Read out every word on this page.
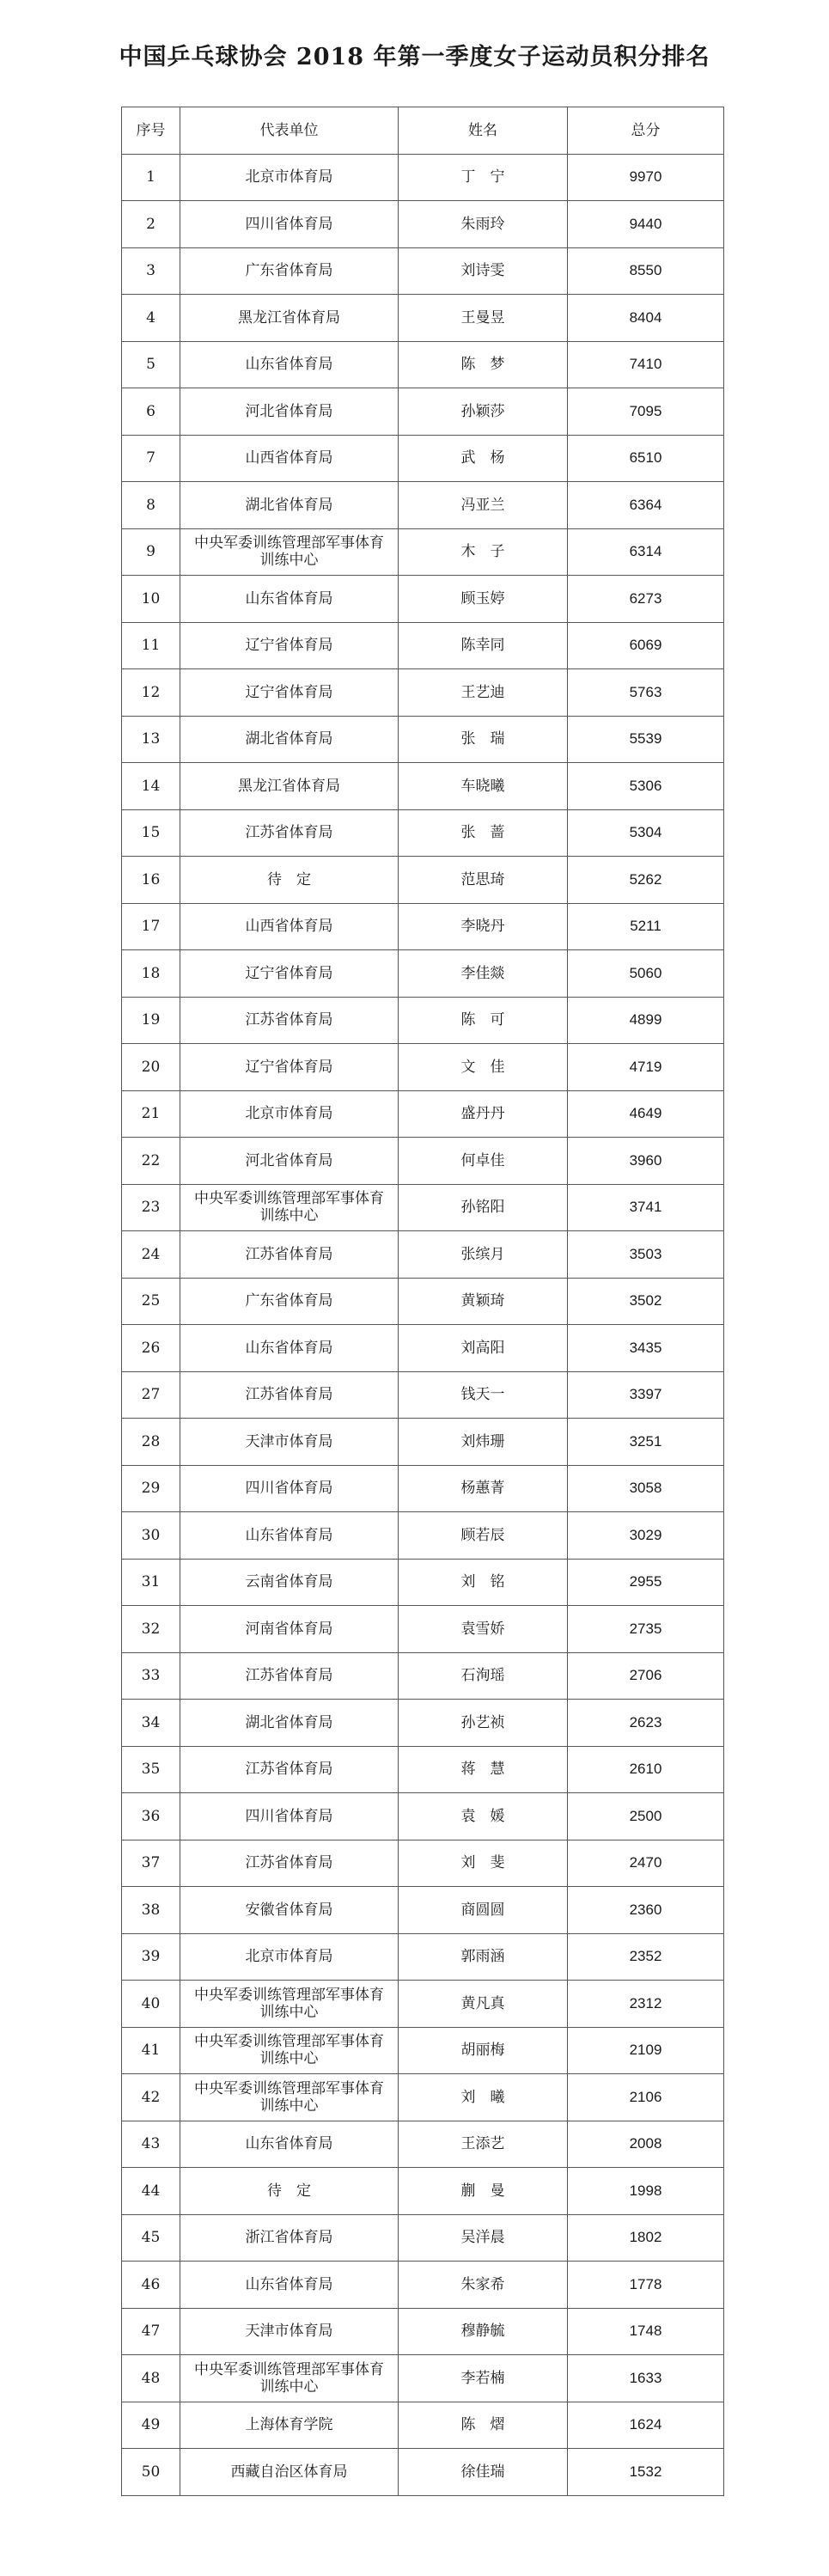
中国乒乓球协会 2018 年第一季度女子运动员积分排名
序号	代表单位	姓名	总分
1	北京市体育局	丁　宁	9970
2	四川省体育局	朱雨玲	9440
3	广东省体育局	刘诗雯	8550
4	黑龙江省体育局	王曼昱	8404
5	山东省体育局	陈　梦	7410
6	河北省体育局	孙颖莎	7095
7	山西省体育局	武　杨	6510
8	湖北省体育局	冯亚兰	6364
9	中央军委训练管理部军事体育训练中心	木　子	6314
10	山东省体育局	顾玉婷	6273
11	辽宁省体育局	陈幸同	6069
12	辽宁省体育局	王艺迪	5763
13	湖北省体育局	张　瑞	5539
14	黑龙江省体育局	车晓曦	5306
15	江苏省体育局	张　蔷	5304
16	待　定	范思琦	5262
17	山西省体育局	李晓丹	5211
18	辽宁省体育局	李佳燚	5060
19	江苏省体育局	陈　可	4899
20	辽宁省体育局	文　佳	4719
21	北京市体育局	盛丹丹	4649
22	河北省体育局	何卓佳	3960
23	中央军委训练管理部军事体育训练中心	孙铭阳	3741
24	江苏省体育局	张缤月	3503
25	广东省体育局	黄颖琦	3502
26	山东省体育局	刘高阳	3435
27	江苏省体育局	钱天一	3397
28	天津市体育局	刘炜珊	3251
29	四川省体育局	杨蕙菁	3058
30	山东省体育局	顾若辰	3029
31	云南省体育局	刘　铭	2955
32	河南省体育局	袁雪娇	2735
33	江苏省体育局	石洵瑶	2706
34	湖北省体育局	孙艺祯	2623
35	江苏省体育局	蒋　慧	2610
36	四川省体育局	袁　媛	2500
37	江苏省体育局	刘　斐	2470
38	安徽省体育局	商圆圆	2360
39	北京市体育局	郭雨涵	2352
40	中央军委训练管理部军事体育训练中心	黄凡真	2312
41	中央军委训练管理部军事体育训练中心	胡丽梅	2109
42	中央军委训练管理部军事体育训练中心	刘　曦	2106
43	山东省体育局	王添艺	2008
44	待　定	蒯　曼	1998
45	浙江省体育局	吴洋晨	1802
46	山东省体育局	朱家希	1778
47	天津市体育局	穆静毓	1748
48	中央军委训练管理部军事体育训练中心	李若楠	1633
49	上海体育学院	陈　熠	1624
50	西藏自治区体育局	徐佳瑞	1532
